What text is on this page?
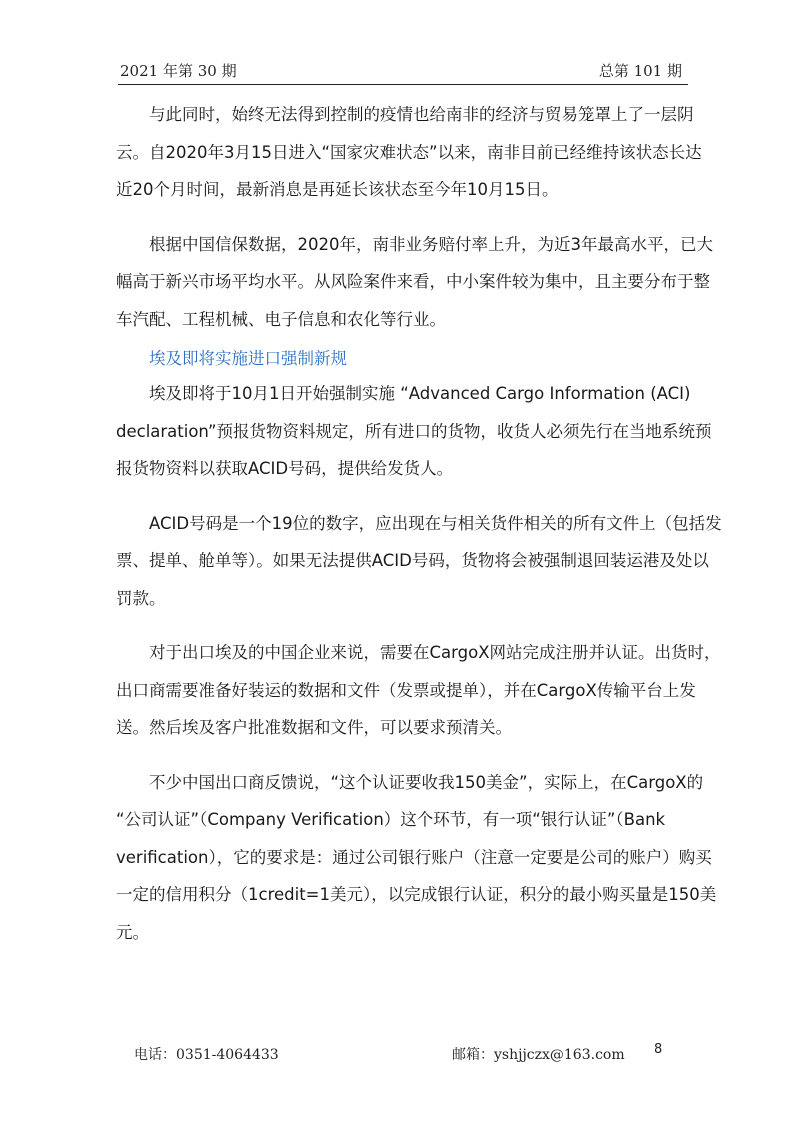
2021 年第 30 期	总第 101 期

与此同时，始终无法得到控制的疫情也给南非的经济与贸易笼罩上了一层阴
云。自2020年3月15日进入“国家灾难状态”以来，南非目前已经维持该状态长达
近20个月时间，最新消息是再延长该状态至今年10月15日。

根据中国信保数据，2020年，南非业务赔付率上升，为近3年最高水平，已大
幅高于新兴市场平均水平。从风险案件来看，中小案件较为集中，且主要分布于整
车汽配、工程机械、电子信息和农化等行业。

埃及即将实施进口强制新规

埃及即将于10月1日开始强制实施 “Advanced Cargo Information (ACI)
declaration”预报货物资料规定，所有进口的货物，收货人必须先行在当地系统预
报货物资料以获取ACID号码，提供给发货人。

ACID号码是一个19位的数字，应出现在与相关货件相关的所有文件上（包括发
票、提单、舱单等）。如果无法提供ACID号码，货物将会被强制退回装运港及处以
罚款。

对于出口埃及的中国企业来说，需要在CargoX网站完成注册并认证。出货时，
出口商需要准备好装运的数据和文件（发票或提单），并在CargoX传输平台上发
送。然后埃及客户批准数据和文件，可以要求预清关。

不少中国出口商反馈说，“这个认证要收我150美金”，实际上，在CargoX的
“公司认证”（Company Verification）这个环节，有一项“银行认证”（Bank
verification），它的要求是：通过公司银行账户（注意一定要是公司的账户）购买
一定的信用积分（1credit=1美元），以完成银行认证，积分的最小购买量是150美
元。

电话：0351-4064433	邮箱：yshjjczx@163.com 8
